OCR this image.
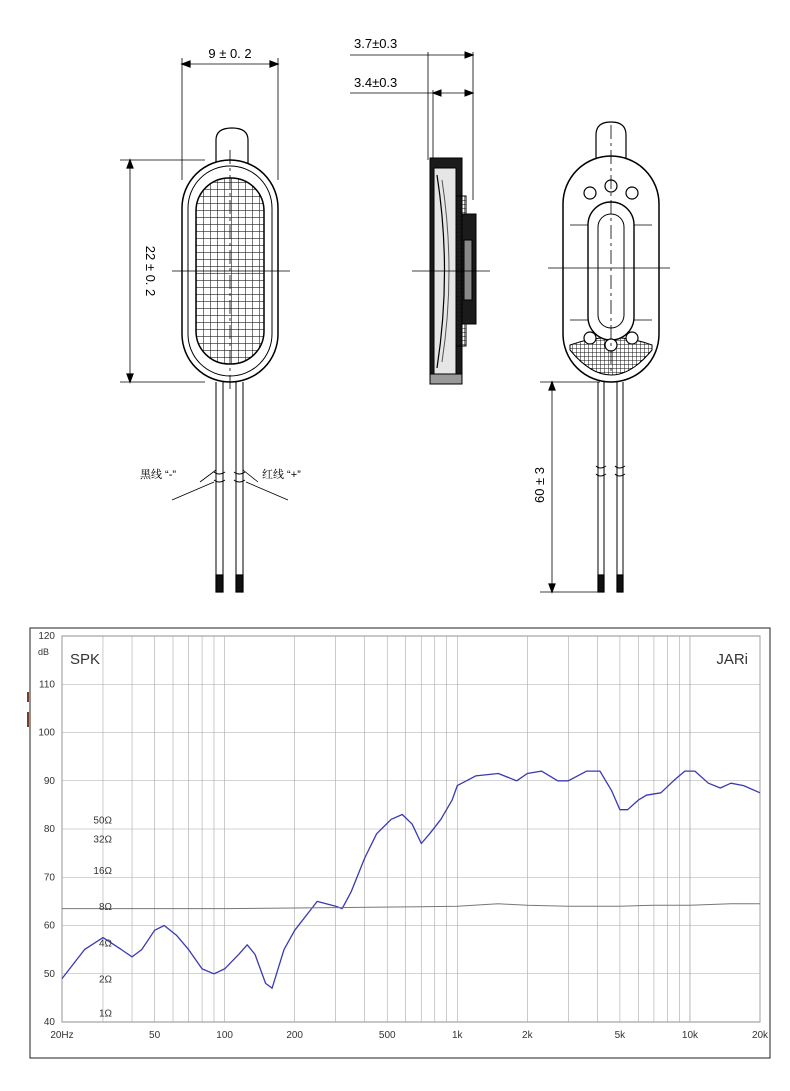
9 ± 0. 2
22 ± 0. 2
黑线 “-”	红线 “+”
3.7±0.3
3.4±0.3
60 ± 3
SPK	JARi
dB
120
110
100
90
80
70
60
50
40
50Ω
32Ω
16Ω
8Ω
4Ω
2Ω
1Ω
20Hz	50	100	200	500	1k	2k	5k	10k	20k
